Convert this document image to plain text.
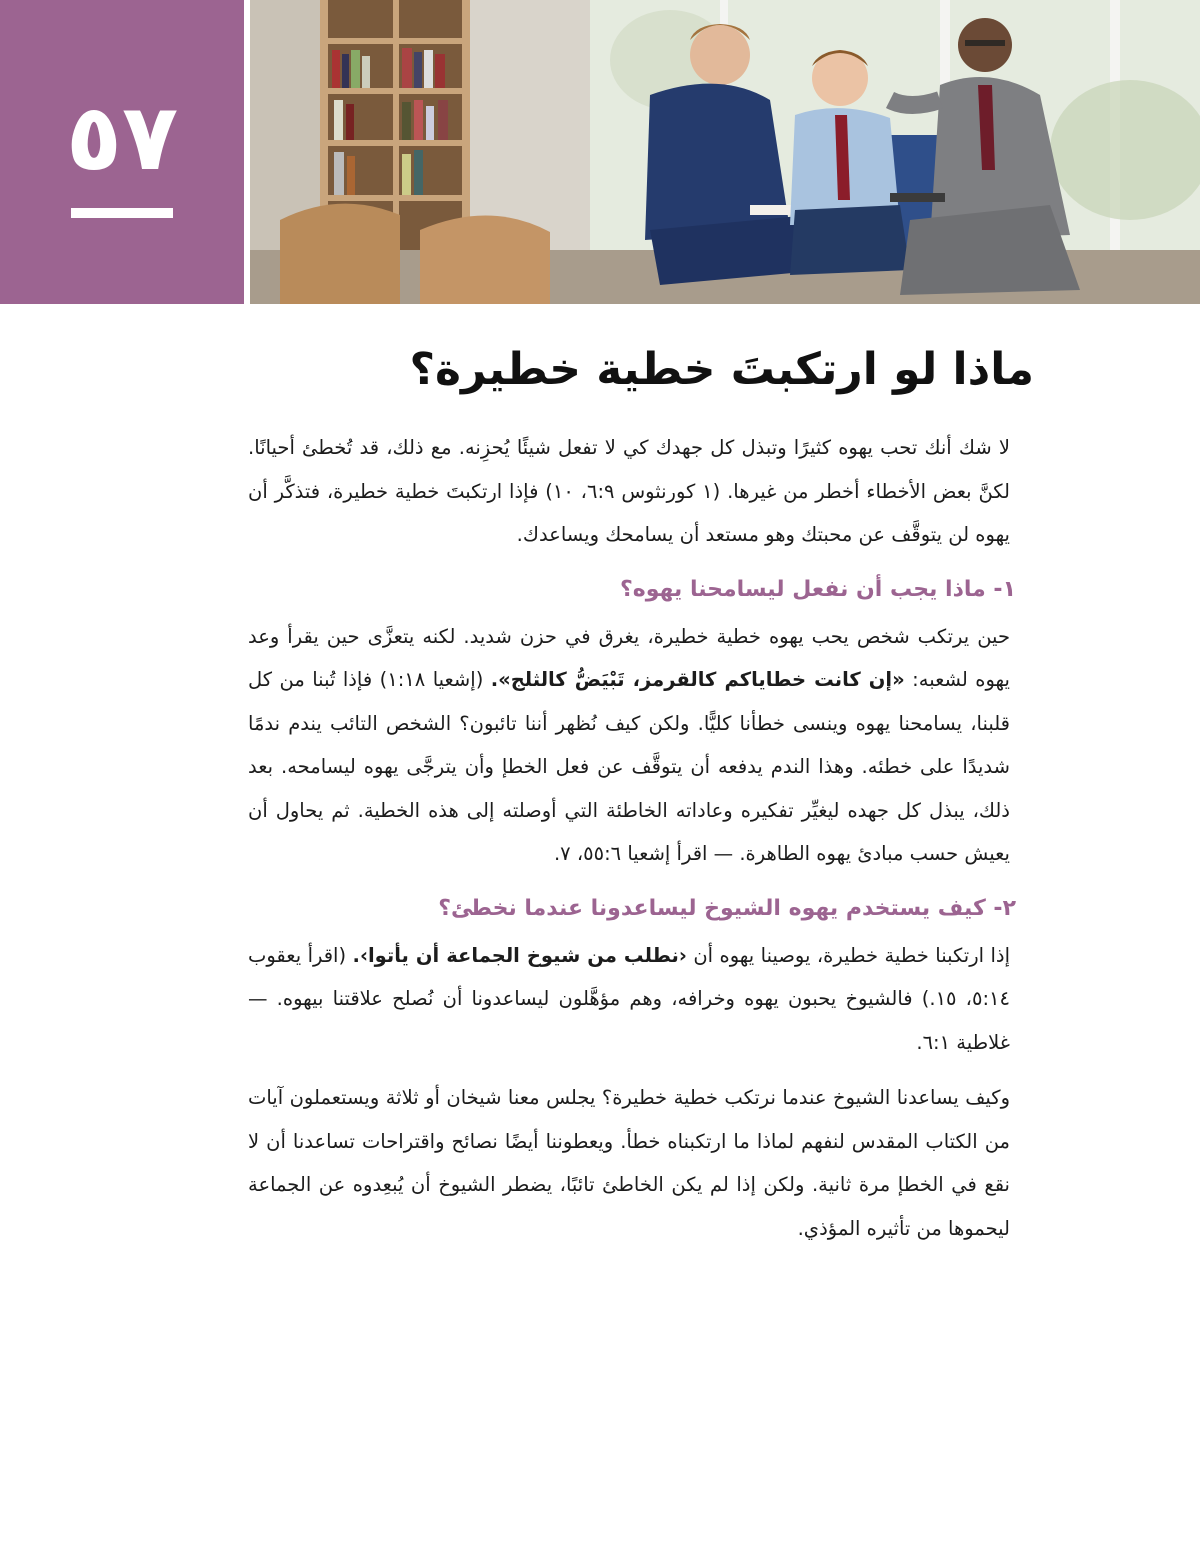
٥٧
ماذا لو ارتكبتَ خطية خطيرة؟

لا شك أنك تحب يهوه كثيرًا وتبذل كل جهدك كي لا تفعل شيئًا يُحزِنه. مع ذلك، قد تُخطئ أحيانًا. لكنَّ بعض الأخطاء أخطر من غيرها. (١ كورنثوس ٦:٩، ١٠) فإذا ارتكبتَ خطية خطيرة، فتذكَّر أن يهوه لن يتوقَّف عن محبتك وهو مستعد أن يسامحك ويساعدك.

١- ماذا يجب أن نفعل ليسامحنا يهوه؟

حين يرتكب شخص يحب يهوه خطية خطيرة، يغرق في حزن شديد. لكنه يتعزَّى حين يقرأ وعد يهوه لشعبه: «إن كانت خطاياكم كالقرمز، تَبْيَضُّ كالثلج». (إشعيا ١:١٨) فإذا تُبنا من كل قلبنا، يسامحنا يهوه وينسى خطأنا كليًّا. ولكن كيف نُظهر أننا تائبون؟ الشخص التائب يندم ندمًا شديدًا على خطئه. وهذا الندم يدفعه أن يتوقَّف عن فعل الخطإ وأن يترجَّى يهوه ليسامحه. بعد ذلك، يبذل كل جهده ليغيِّر تفكيره وعاداته الخاطئة التي أوصلته إلى هذه الخطية. ثم يحاول أن يعيش حسب مبادئ يهوه الطاهرة. — اقرأ إشعيا ٥٥:٦، ٧.

٢- كيف يستخدم يهوه الشيوخ ليساعدونا عندما نخطئ؟

إذا ارتكبنا خطية خطيرة، يوصينا يهوه أن ‹نطلب من شيوخ الجماعة أن يأتوا›. (اقرأ يعقوب ٥:١٤، ١٥.) فالشيوخ يحبون يهوه وخرافه، وهم مؤهَّلون ليساعدونا أن نُصلح علاقتنا بيهوه. — غلاطية ٦:١.

وكيف يساعدنا الشيوخ عندما نرتكب خطية خطيرة؟ يجلس معنا شيخان أو ثلاثة ويستعملون آيات من الكتاب المقدس لنفهم لماذا ما ارتكبناه خطأ. ويعطوننا أيضًا نصائح واقتراحات تساعدنا أن لا نقع في الخطإ مرة ثانية. ولكن إذا لم يكن الخاطئ تائبًا، يضطر الشيوخ أن يُبعِدوه عن الجماعة ليحموها من تأثيره المؤذي.
